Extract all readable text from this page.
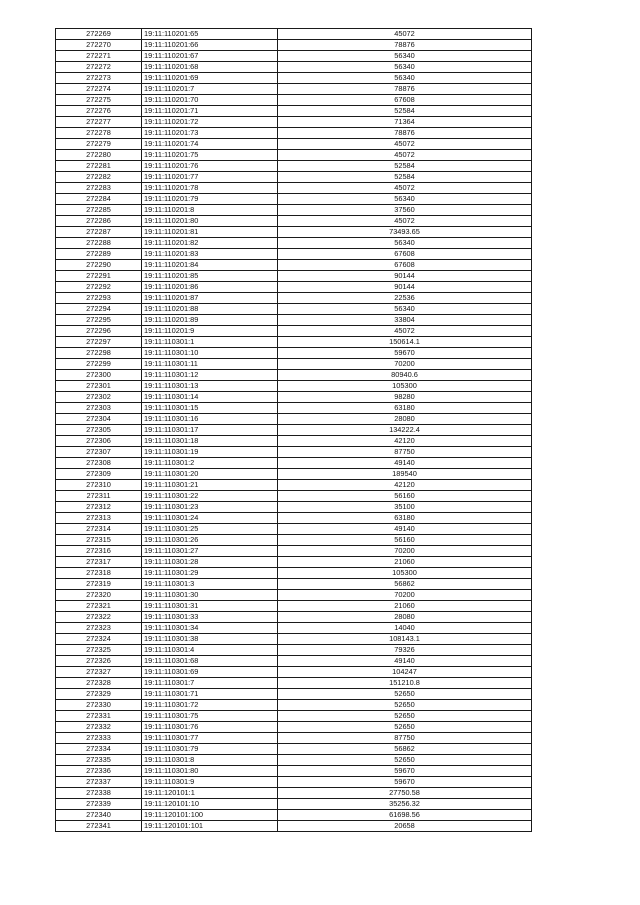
272269	19:11:110201:65	45072
272270	19:11:110201:66	78876
272271	19:11:110201:67	56340
272272	19:11:110201:68	56340
272273	19:11:110201:69	56340
272274	19:11:110201:7	78876
272275	19:11:110201:70	67608
272276	19:11:110201:71	52584
272277	19:11:110201:72	71364
272278	19:11:110201:73	78876
272279	19:11:110201:74	45072
272280	19:11:110201:75	45072
272281	19:11:110201:76	52584
272282	19:11:110201:77	52584
272283	19:11:110201:78	45072
272284	19:11:110201:79	56340
272285	19:11:110201:8	37560
272286	19:11:110201:80	45072
272287	19:11:110201:81	73493.65
272288	19:11:110201:82	56340
272289	19:11:110201:83	67608
272290	19:11:110201:84	67608
272291	19:11:110201:85	90144
272292	19:11:110201:86	90144
272293	19:11:110201:87	22536
272294	19:11:110201:88	56340
272295	19:11:110201:89	33804
272296	19:11:110201:9	45072
272297	19:11:110301:1	150614.1
272298	19:11:110301:10	59670
272299	19:11:110301:11	70200
272300	19:11:110301:12	80940.6
272301	19:11:110301:13	105300
272302	19:11:110301:14	98280
272303	19:11:110301:15	63180
272304	19:11:110301:16	28080
272305	19:11:110301:17	134222.4
272306	19:11:110301:18	42120
272307	19:11:110301:19	87750
272308	19:11:110301:2	49140
272309	19:11:110301:20	189540
272310	19:11:110301:21	42120
272311	19:11:110301:22	56160
272312	19:11:110301:23	35100
272313	19:11:110301:24	63180
272314	19:11:110301:25	49140
272315	19:11:110301:26	56160
272316	19:11:110301:27	70200
272317	19:11:110301:28	21060
272318	19:11:110301:29	105300
272319	19:11:110301:3	56862
272320	19:11:110301:30	70200
272321	19:11:110301:31	21060
272322	19:11:110301:33	28080
272323	19:11:110301:34	14040
272324	19:11:110301:38	108143.1
272325	19:11:110301:4	79326
272326	19:11:110301:68	49140
272327	19:11:110301:69	104247
272328	19:11:110301:7	151210.8
272329	19:11:110301:71	52650
272330	19:11:110301:72	52650
272331	19:11:110301:75	52650
272332	19:11:110301:76	52650
272333	19:11:110301:77	87750
272334	19:11:110301:79	56862
272335	19:11:110301:8	52650
272336	19:11:110301:80	59670
272337	19:11:110301:9	59670
272338	19:11:120101:1	27750.58
272339	19:11:120101:10	35256.32
272340	19:11:120101:100	61698.56
272341	19:11:120101:101	20658
